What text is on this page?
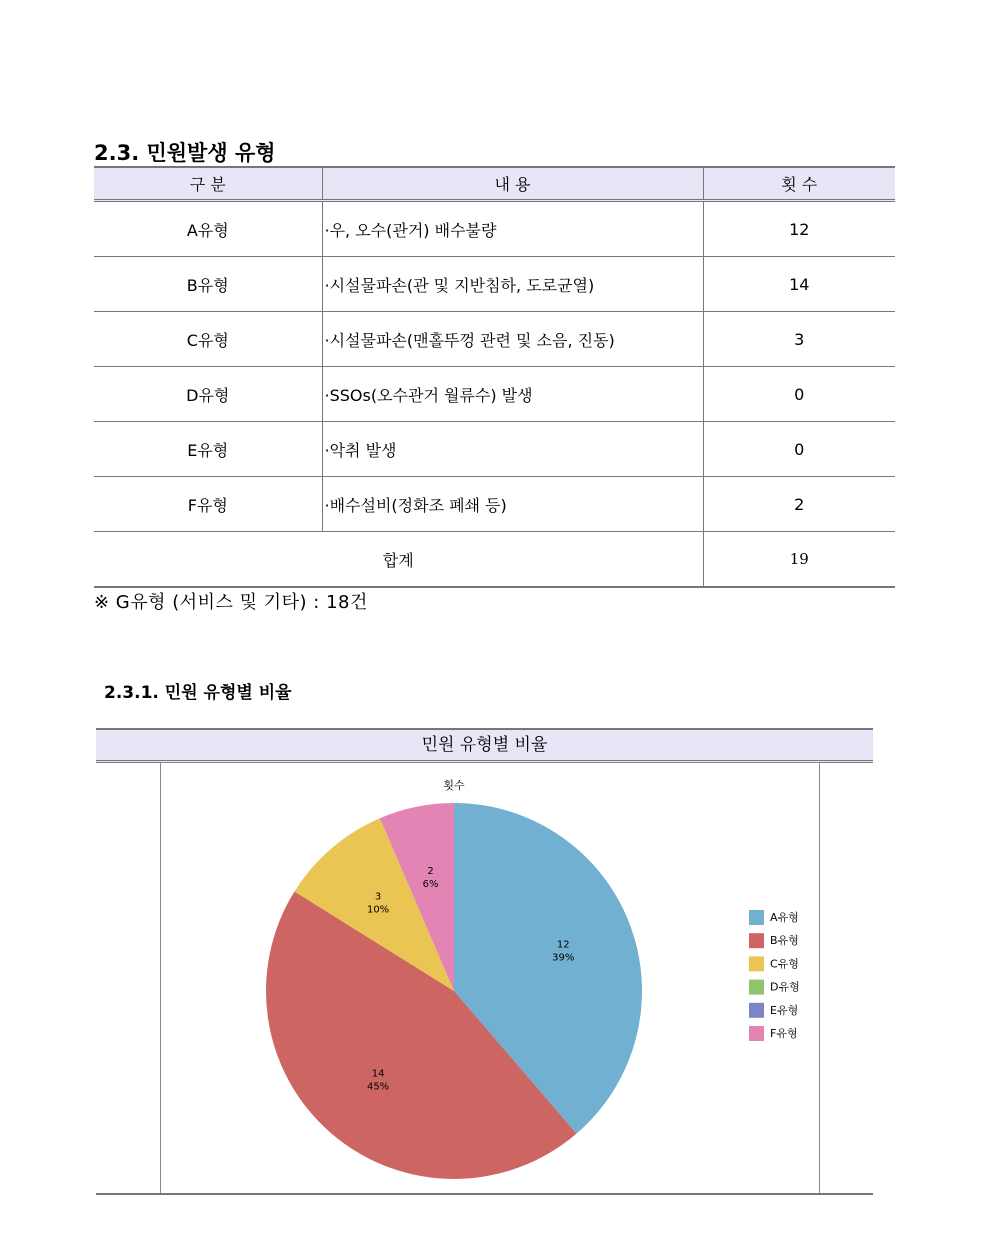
2.3. 민원발생 유형
구 분	내 용	횟 수
A유형	·우, 오수(관거) 배수불량	12
B유형	·시설물파손(관 및 지반침하, 도로균열)	14
C유형	·시설물파손(맨홀뚜껑 관련 및 소음, 진동)	3
D유형	·SSOs(오수관거 월류수) 발생	0
E유형	·악취 발생	0
F유형	·배수설비(정화조 폐쇄 등)	2
합계		19
※ G유형 (서비스 및 기타) : 18건
2.3.1. 민원 유형별 비율
민원 유형별 비율
횟수
12
39%
14
45%
3
10%
2
6%
A유형
B유형
C유형
D유형
E유형
F유형
